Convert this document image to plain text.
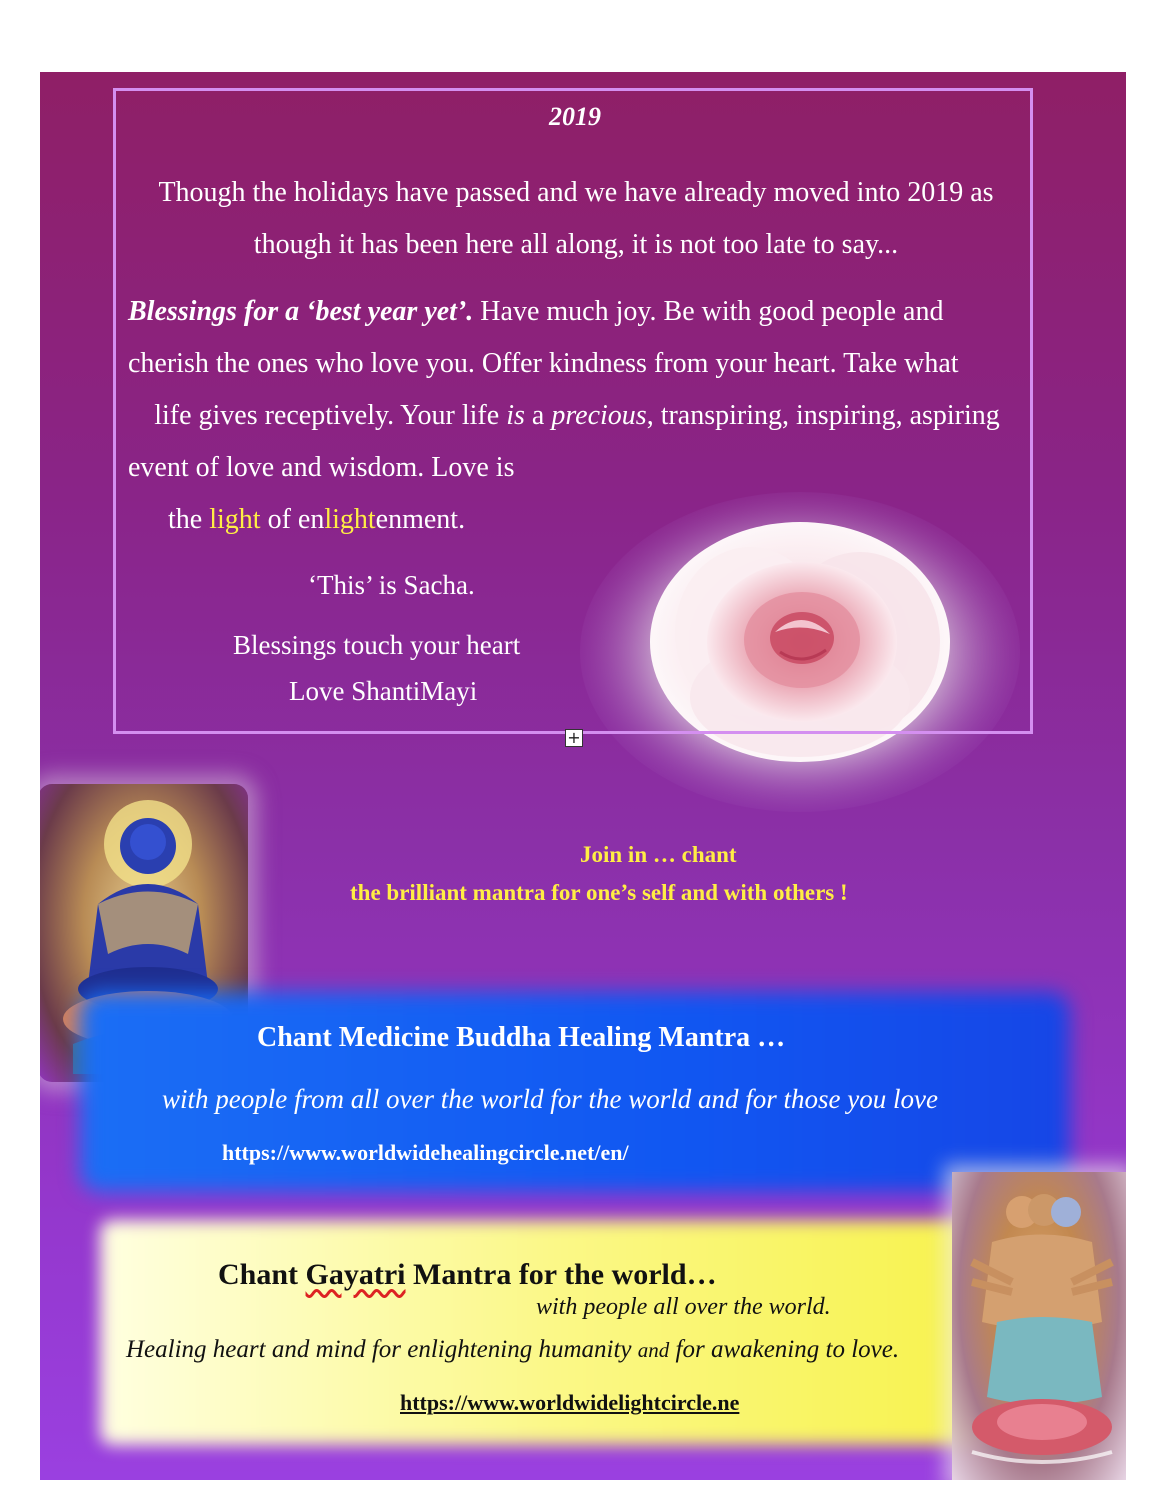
2019
Though the holidays have passed and we have already moved into 2019 as
though it has been here all along, it is not too late to say...
Blessings for a ‘best year yet’. Have much joy. Be with good people and
cherish the ones who love you. Offer kindness from your heart. Take what
life gives receptively. Your life is a precious, transpiring, inspiring, aspiring
event of love and wisdom. Love is
the light of enlightenment.
‘This’ is Sacha.
Blessings touch your heart
Love ShantiMayi
+
Join in … chant
the brilliant mantra for one’s self and with others !
Chant Medicine Buddha Healing Mantra …
with people from all over the world for the world and for those you love
https://www.worldwidehealingcircle.net/en/
Chant Gayatri Mantra for the world…
with people all over the world.
Healing heart and mind for enlightening humanity and for awakening to love.
https://www.worldwidelightcircle.ne
